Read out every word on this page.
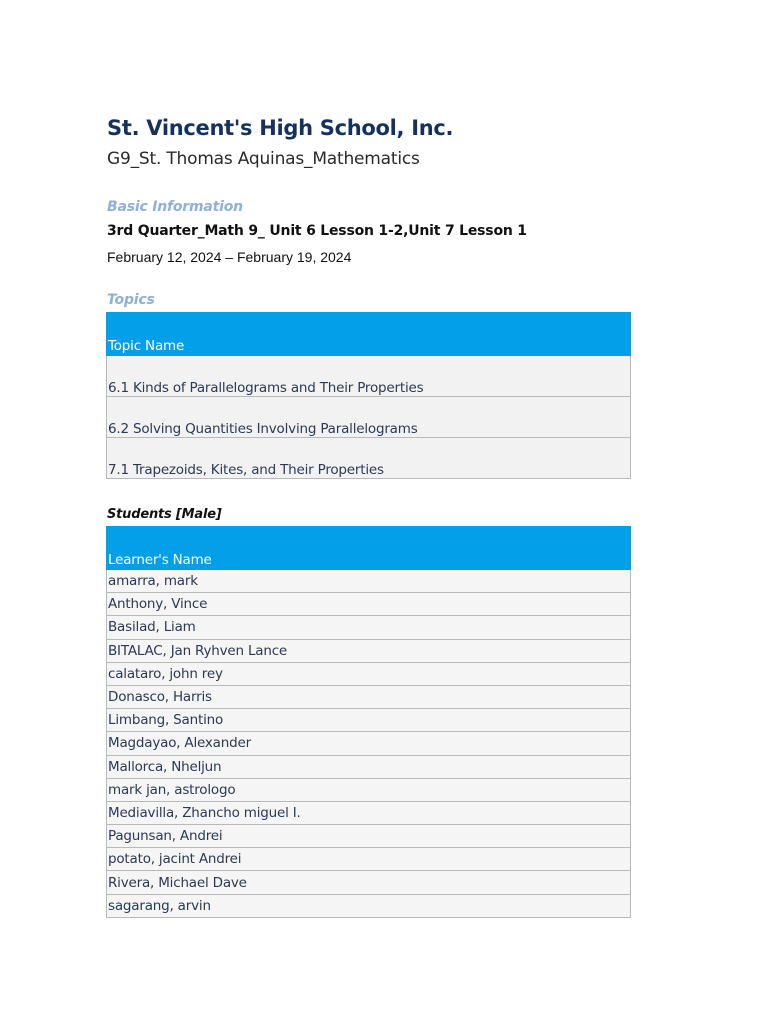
St. Vincent's High School, Inc.
G9_St. Thomas Aquinas_Mathematics
Basic Information
3rd Quarter_Math 9_ Unit 6 Lesson 1-2,Unit 7 Lesson 1
February 12, 2024 – February 19, 2024
Topics
Topic Name
6.1 Kinds of Parallelograms and Their Properties
6.2 Solving Quantities Involving Parallelograms
7.1 Trapezoids, Kites, and Their Properties
Students [Male]
Learner's Name
amarra, mark
Anthony, Vince
Basilad, Liam
BITALAC, Jan Ryhven Lance
calataro, john rey
Donasco, Harris
Limbang, Santino
Magdayao, Alexander
Mallorca, Nheljun
mark jan, astrologo
Mediavilla, Zhancho miguel I.
Pagunsan, Andrei
potato, jacint Andrei
Rivera, Michael Dave
sagarang, arvin
